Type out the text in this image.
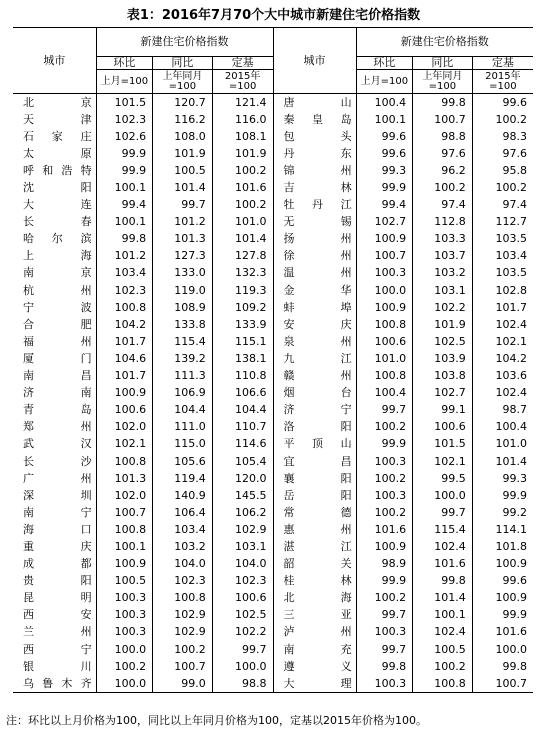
表1：2016年7月70个大中城市新建住宅价格指数
城市	新建住宅价格指数			城市	新建住宅价格指数		
	环比	同比	定基		环比	同比	定基
	上月=100	上年同月=100	2015年=100		上月=100	上年同月=100	2015年=100
北京	101.5	120.7	121.4	唐山	100.4	99.8	99.6
天津	102.3	116.2	116.0	秦皇岛	100.1	100.7	100.2
石家庄	102.6	108.0	108.1	包头	99.6	98.8	98.3
太原	99.9	101.9	101.9	丹东	99.6	97.6	97.6
呼和浩特	99.9	100.5	100.2	锦州	99.3	96.2	95.8
沈阳	100.1	101.4	101.6	吉林	99.9	100.2	100.2
大连	99.4	99.7	100.2	牡丹江	99.4	97.4	97.4
长春	100.1	101.2	101.0	无锡	102.7	112.8	112.7
哈尔滨	99.8	101.3	101.4	扬州	100.9	103.3	103.5
上海	101.2	127.3	127.8	徐州	100.7	103.7	103.4
南京	103.4	133.0	132.3	温州	100.3	103.2	103.5
杭州	102.3	119.0	119.3	金华	100.0	103.1	102.8
宁波	100.8	108.9	109.2	蚌埠	100.9	102.2	101.7
合肥	104.2	133.8	133.9	安庆	100.8	101.9	102.4
福州	101.7	115.4	115.1	泉州	100.6	102.5	102.1
厦门	104.6	139.2	138.1	九江	101.0	103.9	104.2
南昌	101.7	111.3	110.8	赣州	100.8	103.8	103.6
济南	100.9	106.9	106.6	烟台	100.4	102.7	102.4
青岛	100.6	104.4	104.4	济宁	99.7	99.1	98.7
郑州	102.0	111.0	110.7	洛阳	100.2	100.6	100.4
武汉	102.1	115.0	114.6	平顶山	99.9	101.5	101.0
长沙	100.8	105.6	105.4	宜昌	100.3	102.1	101.4
广州	101.3	119.4	120.0	襄阳	100.2	99.5	99.3
深圳	102.0	140.9	145.5	岳阳	100.3	100.0	99.9
南宁	100.7	106.4	106.2	常德	100.2	99.7	99.2
海口	100.8	103.4	102.9	惠州	101.6	115.4	114.1
重庆	100.1	103.2	103.1	湛江	100.9	102.4	101.8
成都	100.9	104.0	104.0	韶关	98.9	101.6	100.9
贵阳	100.5	102.3	102.3	桂林	99.9	99.8	99.6
昆明	100.3	100.8	100.6	北海	100.2	101.4	100.9
西安	100.3	102.9	102.5	三亚	99.7	100.1	99.9
兰州	100.3	102.9	102.2	泸州	100.3	102.4	101.6
西宁	100.0	100.2	99.7	南充	99.7	100.5	100.0
银川	100.2	100.7	100.0	遵义	99.8	100.2	99.8
乌鲁木齐	100.0	99.0	98.8	大理	100.3	100.8	100.7
注：环比以上月价格为100，同比以上年同月价格为100，定基以2015年价格为100。
